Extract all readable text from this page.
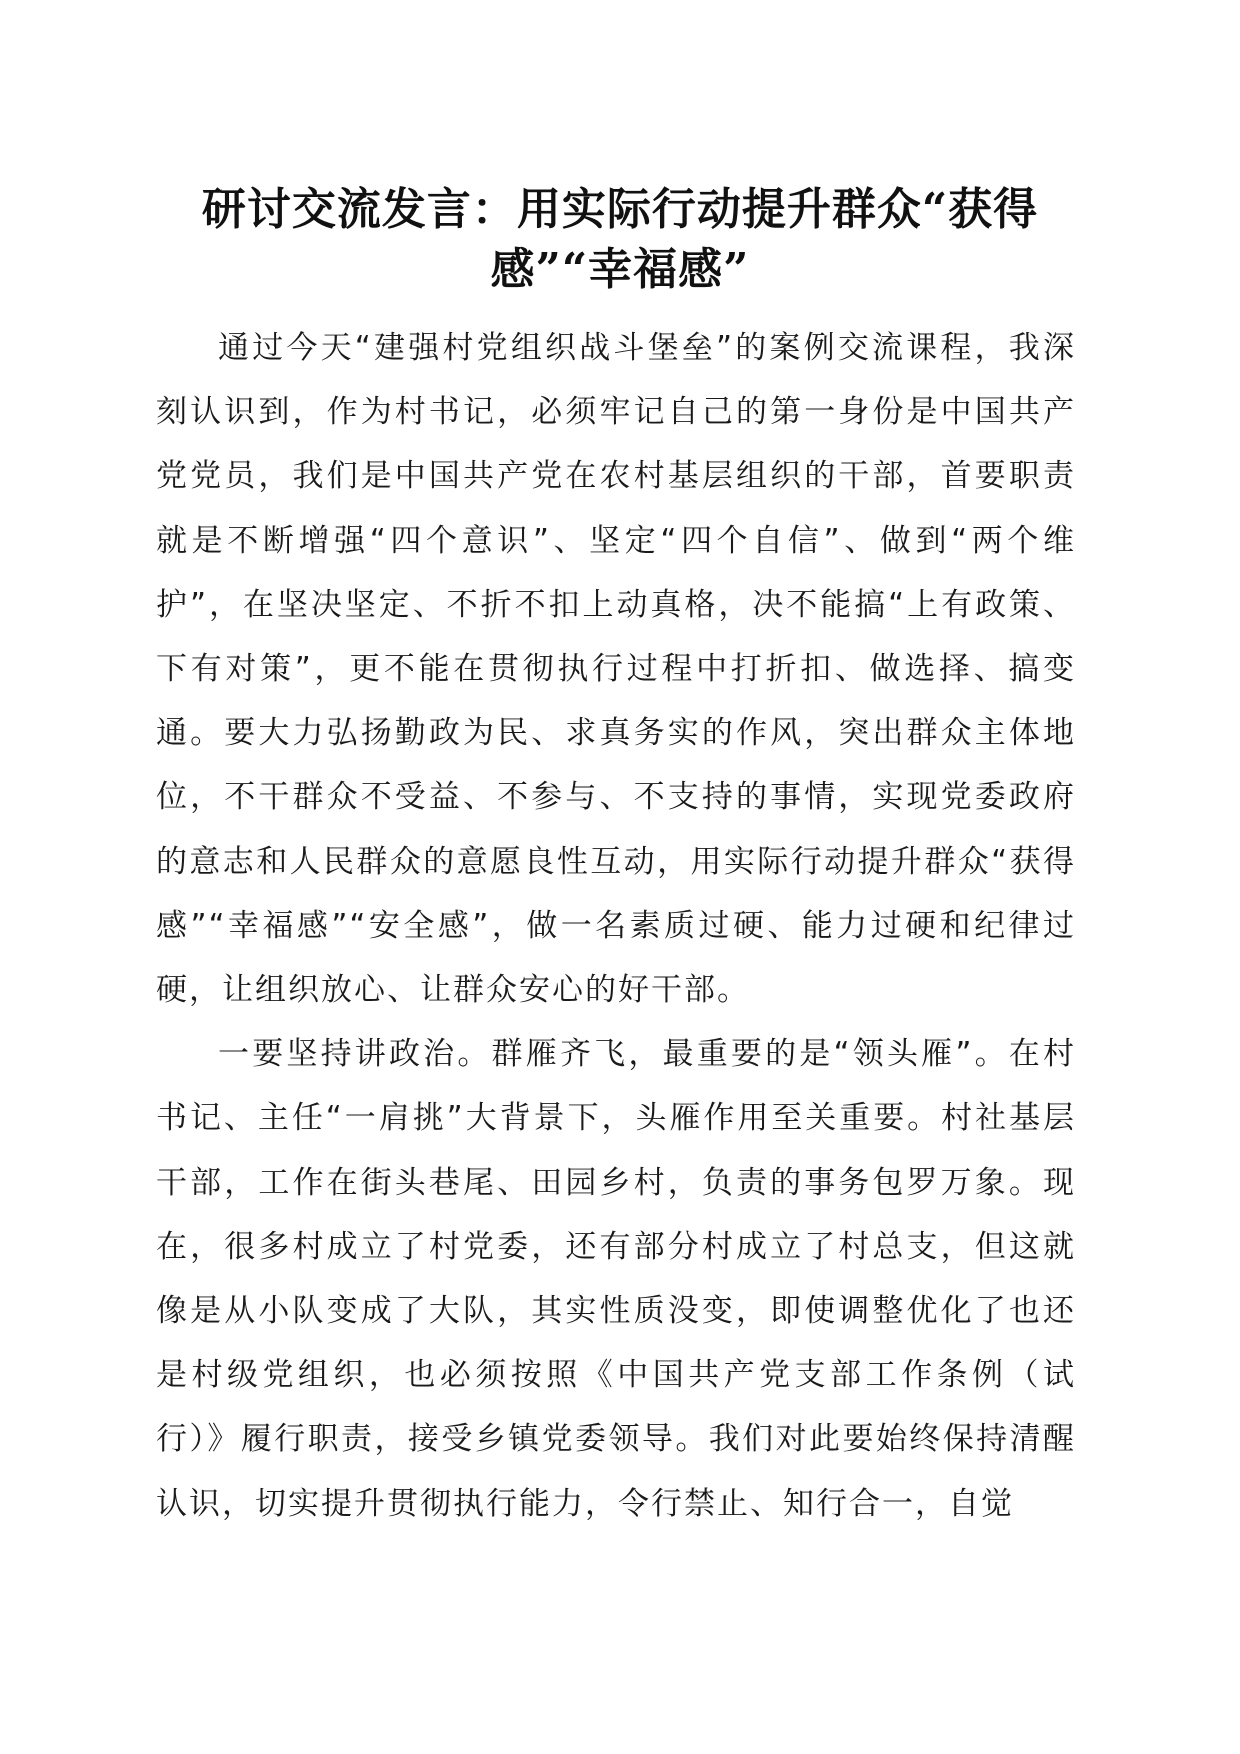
研讨交流发言：用实际行动提升群众“获得感”“幸福感”

通过今天“建强村党组织战斗堡垒”的案例交流课程，我深刻认识到，作为村书记，必须牢记自己的第一身份是中国共产党党员，我们是中国共产党在农村基层组织的干部，首要职责就是不断增强“四个意识”、坚定“四个自信”、做到“两个维护”，在坚决坚定、不折不扣上动真格，决不能搞“上有政策、下有对策”，更不能在贯彻执行过程中打折扣、做选择、搞变通。要大力弘扬勤政为民、求真务实的作风，突出群众主体地位，不干群众不受益、不参与、不支持的事情，实现党委政府的意志和人民群众的意愿良性互动，用实际行动提升群众“获得感”“幸福感”“安全感”，做一名素质过硬、能力过硬和纪律过硬，让组织放心、让群众安心的好干部。

一要坚持讲政治。群雁齐飞，最重要的是“领头雁”。在村书记、主任“一肩挑”大背景下，头雁作用至关重要。村社基层干部，工作在街头巷尾、田园乡村，负责的事务包罗万象。现在，很多村成立了村党委，还有部分村成立了村总支，但这就像是从小队变成了大队，其实性质没变，即使调整优化了也还是村级党组织，也必须按照《中国共产党支部工作条例（试行）》履行职责，接受乡镇党委领导。我们对此要始终保持清醒认识，切实提升贯彻执行能力，令行禁止、知行合一，自觉
